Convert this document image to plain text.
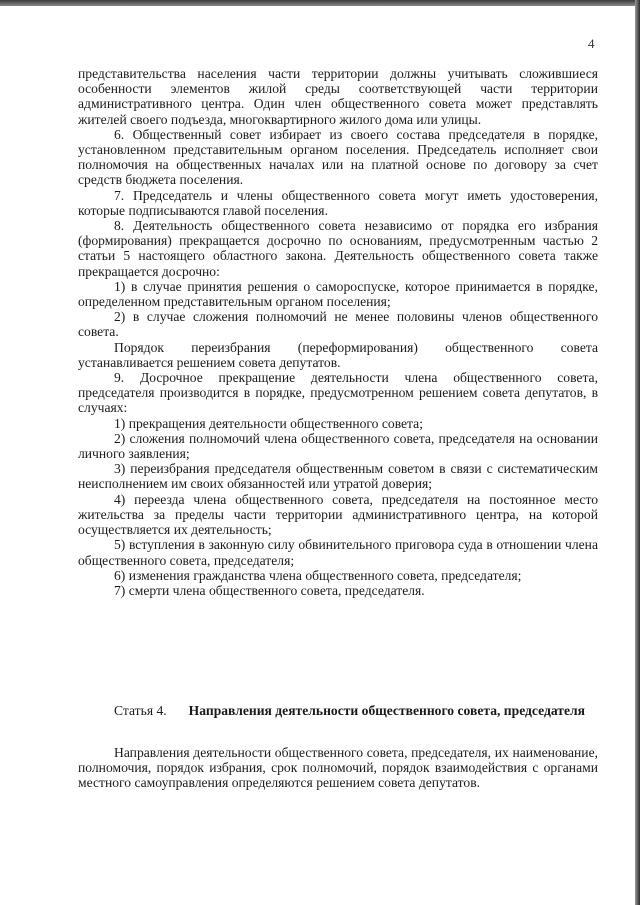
4

представительства населения части территории должны учитывать сложившиеся особенности элементов жилой среды соответствующей части территории административного центра. Один член общественного совета может представлять жителей своего подъезда, многоквартирного жилого дома или улицы.

6. Общественный совет избирает из своего состава председателя в порядке, установленном представительным органом поселения. Председатель исполняет свои полномочия на общественных началах или на платной основе по договору за счет средств бюджета поселения.

7. Председатель и члены общественного совета могут иметь удостоверения, которые подписываются главой поселения.

8. Деятельность общественного совета независимо от порядка его избрания (формирования) прекращается досрочно по основаниям, предусмотренным частью 2 статьи 5 настоящего областного закона. Деятельность общественного совета также прекращается досрочно:

1) в случае принятия решения о самороспуске, которое принимается в порядке, определенном представительным органом поселения;

2) в случае сложения полномочий не менее половины членов общественного совета.

Порядок переизбрания (переформирования) общественного совета устанавливается решением совета депутатов.

9. Досрочное прекращение деятельности члена общественного совета, председателя производится в порядке, предусмотренном решением совета депутатов, в случаях:

1) прекращения деятельности общественного совета;

2) сложения полномочий члена общественного совета, председателя на основании личного заявления;

3) переизбрания председателя общественным советом в связи с систематическим неисполнением им своих обязанностей или утратой доверия;

4) переезда члена общественного совета, председателя на постоянное место жительства за пределы части территории административного центра, на которой осуществляется их деятельность;

5) вступления в законную силу обвинительного приговора суда в отношении члена общественного совета, председателя;

6) изменения гражданства члена общественного совета, председателя;

7) смерти члена общественного совета, председателя.

Статья 4. Направления деятельности общественного совета, председателя

Направления деятельности общественного совета, председателя, их наименование, полномочия, порядок избрания, срок полномочий, порядок взаимодействия с органами местного самоуправления определяются решением совета депутатов.
